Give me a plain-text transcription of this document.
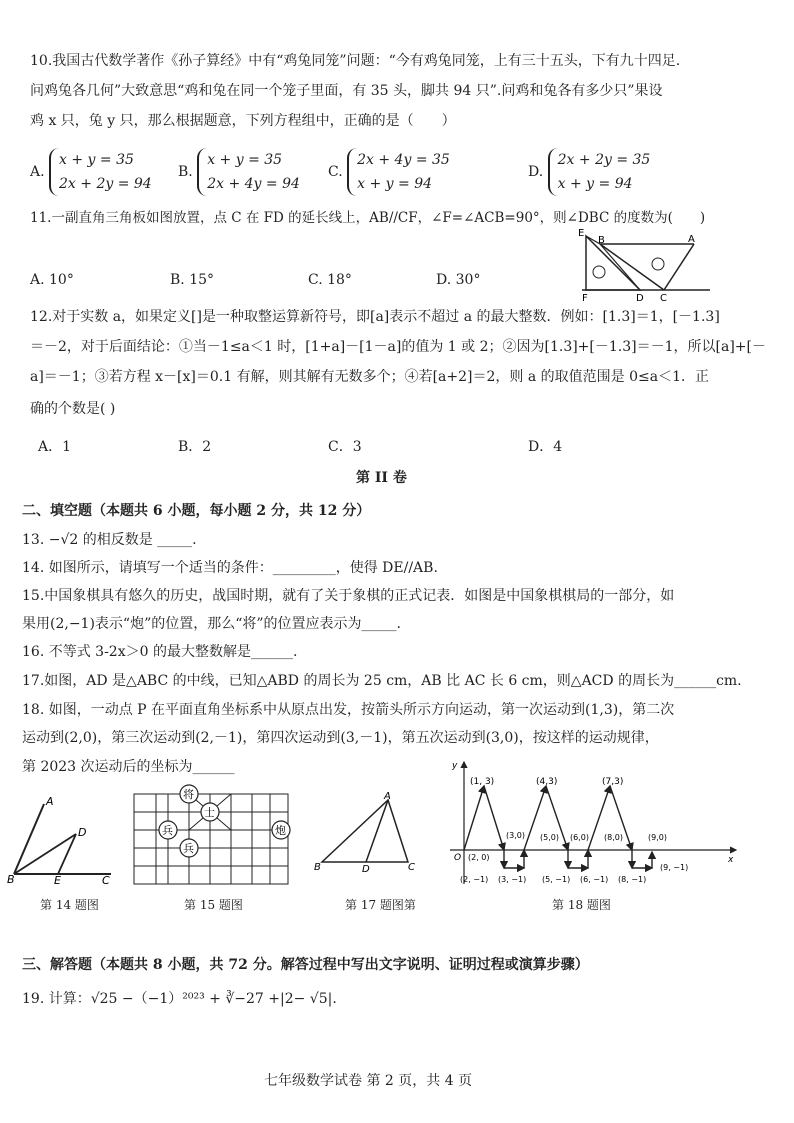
10.我国古代数学著作《孙子算经》中有“鸡兔同笼”问题：“今有鸡兔同笼，上有三十五头，下有九十四足.
问鸡兔各几何”大致意思“鸡和兔在同一个笼子里面，有 35 头，脚共 94 只”.问鸡和兔各有多少只”果设
鸡 x 只，兔 y 只，那么根据题意，下列方程组中，正确的是（　　）
A. x + y = 35
2x + 2y = 94
B. x + y = 35
2x + 4y = 94
C. 2x + 4y = 35
x + y = 94
D. 2x + 2y = 35
x + y = 94
11.一副直角三角板如图放置，点 C 在 FD 的延长线上，AB//CF，∠F=∠ACB=90°，则∠DBC 的度数为(　　)
A. 10°	B. 15°	C. 18°	D. 30°
E
B	A
F	D C
12.对于实数 a，如果定义[]是一种取整运算新符号，即[a]表示不超过 a 的最大整数．例如：[1.3]＝1，[－1.3]
＝－2，对于后面结论：①当－1≤a＜1 时，[1+a]－[1－a]的值为 1 或 2；②因为[1.3]+[－1.3]＝－1，所以[a]+[－
a]＝－1；③若方程 x－[x]＝0.1 有解，则其解有无数多个；④若[a+2]＝2，则 a 的取值范围是 0≤a＜1．正
确的个数是( )
A．1	B．2	C．3	D．4
第 II 卷
二、填空题（本题共 6 小题，每小题 2 分，共 12 分）
13. −√2 的相反数是 _____.
14. 如图所示，请填写一个适当的条件：_________，使得 DE//AB.
15.中国象棋具有悠久的历史，战国时期，就有了关于象棋的正式记表．如图是中国象棋棋局的一部分，如
果用(2,−1)表示“炮”的位置，那么“将”的位置应表示为_____.
16. 不等式 3-2x＞0 的最大整数解是______.
17.如图，AD 是△ABC 的中线，已知△ABD 的周长为 25 cm，AB 比 AC 长 6 cm，则△ACD 的周长为______cm.
18. 如图，一动点 P 在平面直角坐标系中从原点出发，按箭头所示方向运动，第一次运动到(1,3)，第二次
运动到(2,0)，第三次运动到(2,－1)，第四次运动到(3,－1)，第五次运动到(3,0)，按这样的运动规律，
第 2023 次运动后的坐标为______
A
D
B	E	C
将
士
兵
兵
炮
A
B	D	C
y
x
O
(1, 3)	(4,3)	(7,3)
(2, 0)
(3,0) (5,0) (6,0) (8,0)	(9,0)
(2, −1) (3, −1) (5, −1) (6, −1) (8, −1)
(9, −1)
第 14 题图	第 15 题图	第 17 题图第	第 18 题图
三、解答题（本题共 8 小题，共 72 分。解答过程中写出文字说明、证明过程或演算步骤）
19. 计算：√25 −（−1）²⁰²³ + ∛−27 +|2− √5|.
七年级数学试卷 第 2 页，共 4 页
